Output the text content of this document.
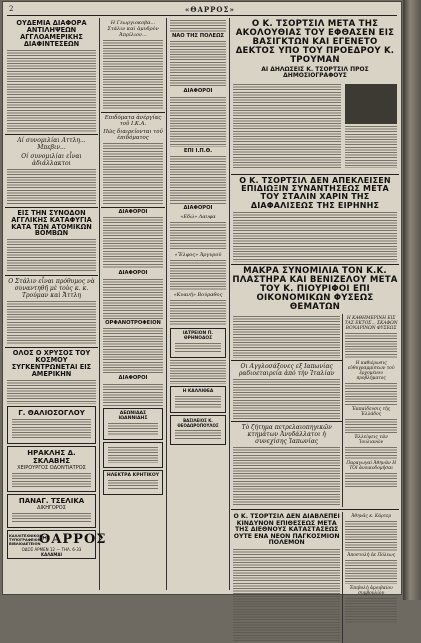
2	«ΘΑΡΡΟΣ»
ΟΥΔΕΜΙΑ ΔΙΑΦΟΡΑ ΑΝΤΙΛΗΨΕΩΝ ΑΓΓΛΟΑΜΕΡΙΚΗΣ ΔΙΑΦΙΝΤΕΣΕΩΝ
Αί συνομιλίαι Αττλη... Μπεβιν...
Οί συνομιλίαι εἶναι ἀδιάλλακτοι
ΕΙΣ ΤΗΝ ΣΥΝΟΔΟΝ ΑΓΓΛΙΚΗΣ ΚΑΤΑΦΥΓΙΑ ΚΑΤΑ ΤΩΝ ΑΤΟΜΙΚΩΝ ΒΟΜΒΩΝ
Ο Στάλιν εἶναι πρόθυμος νὰ συναντηθῆ μὲ τοὺς κ. κ. Τρούμαν καὶ Ἄττλη
ΟΛΟΣ Ο ΧΡΥΣΟΣ ΤΟΥ ΚΟΣΜΟΥ ΣΥΓΚΕΝΤΡΩΝΕΤΑΙ ΕΙΣ ΑΜΕΡΙΚΗΝ
Γ. ΘΑΛΙΟΣΟΓΛΟΥ
ΗΡΑΚΛΗΣ Δ. ΣΚΛΑΒΗΣ
ΧΕΙΡΟΥΡΓΟΣ ΟΔΟΝΤΙΑΤΡΟΣ
ΠΑΝΑΓ. ΤΣΕΛΙΚΑ
ΔΙΚΗΓΟΡΟΣ
ΚΑΛΛΙΤΕΧΝΙΚΟΝ ΤΥΠΟΓΡΑΦΕΙΟΝ ΒΙΒΛΙΟΔΕΤΕΙΟΝ
ΘΑΡΡΟΣ
ΟΔΟΣ ΑΡΜΕΝ 12 — ΤΗΛ. 6-33
ΚΑΛΑΜΑΙ
Η Γεωργιοκοβα... Στάλιν καὶ ἀμυδρὸν Ἀπρίλιον...
Επιδόματα ἀνέργίας τοῦ Ι.Κ.Α.
Πῶς διαιρείονται τοῦ ἐπιδόματος
ΔΙΑΦΟΡΟΙ
ΔΙΑΦΟΡΟΙ
ΟΡΦΑΝΟΤΡΟΦΕΙΟΝ
ΔΙΑΦΟΡΟΙ
ΑΕΩΝΙΔΑΣ ΙΩΑΝΝΙΔΗΣ
ΗΛΕΚΤΡΑ ΚΡΗΤΙΚΟΥ
ΝΑΟ ΤΗΣ ΠΟΛΕΩΣ
ΔΙΑΦΟΡΟΙ
ΕΠΙ Ι.Π.Θ.
ΔΙΑΦΟΡΟΙ
«Εδώ» Λαυφα
«Ἔλφος» Ἀργυροῦ
«Κυανῆ» Βούραθος
ΙΑΤΡΕΙΟΝ Π. ΘΡΗΝΟΔΟΣ
Η ΚΑΛΛΙΘΕΑ
ΒΑΣΙΛΕΙΟΣ Κ. ΘΕΟΔΩΡΟΠΟΥΛΟΣ
Ο Κ. ΤΣΟΡΤΣΙΛ ΜΕΤΑ ΤΗΣ ΑΚΟΛΟΥΘΙΑΣ ΤΟΥ ΕΦΘΑΣΕΝ ΕΙΣ ΒΑΣΙΓΚΤΩΝ ΚΑΙ ΕΓΕΝΕΤΟ ΔΕΚΤΟΣ ΥΠΟ ΤΟΥ ΠΡΟΕΔΡΟΥ Κ. ΤΡΟΥΜΑΝ
ΑΙ ΔΗΛΩΣΕΙΣ Κ. ΤΣΟΡΤΣΙΛ ΠΡΟΣ ΔΗΜΟΣΙΟΓΡΑΦΟΥΣ
Ο Κ. ΤΣΟΡΤΣΙΛ ΔΕΝ ΑΠΕΚΛΕΙΣΕΝ ΕΠΙΔΙΩΞΙΝ ΣΥΝΑΝΤΗΣΕΩΣ ΜΕΤΑ ΤΟΥ ΣΤΑΛΙΝ ΧΑΡΙΝ ΤΗΣ ΔΙΑΦΑΛΙΣΕΩΣ ΤΗΣ ΕΙΡΗΝΗΣ
ΜΑΚΡΑ ΣΥΝΟΜΙΛΙΑ ΤΟΝ Κ.Κ. ΠΛΑΣΤΗΡΑ ΚΑΙ ΒΕΝΙΖΕΛΟΥ ΜΕΤΑ ΤΟΥ Κ. ΠΙΟΥΡΙΦΟΙ ΕΠΙ ΟΙΚΟΝΟΜΙΚΩΝ ΦΥΣΕΩΣ ΘΕΜΑΤΩΝ
Οι Αγγλοσάξονες εξ Ιαπωνίας ραδιοεταιρεία ἀπό τὴν Ἰταλίαν
Τὸ ζήτημα πετρελαιοπηγικῶν κτημάτων Ἀνυδάλλατοι ἡ συνεχίσης Ἰαπωνίας
Η ΚΑΘΗΜΕΡΙΝΗ ΕΙΣ ΤΑΣ ΕΚΤΟΣ... ΣΚΑΦΩΝ ΒΟΝΔΡΙΝΩΝ ΦΥΣΕΩΣ
Η καθιέρωσις εὐθυγραμμίσεων τοῦ ἐρχομένου προβλήματος
Ἐκπαίδευσις τῆς Ἑλλάδος
Ἐλλείψεις τῶν Ἰουλιανῶν
Παραγωγαί Ἀθηνῶν Η ΤΟΙ ἀνοικοδομῆσαι
Ο Κ. ΤΣΟΡΤΣΙΛ ΔΕΝ ΔΙΑΒΛΕΠΕΙ ΚΙΝΔΥΝΟΝ ΕΠΙΘΕΣΕΩΣ ΜΕΤΑ ΤΗΣ ΔΙΕΘΝΟΥΣ ΚΑΤΑΣΤΑΣΕΩΣ ΟΥΤΕ ΕΝΑ ΝΕΟΝ ΠΑΓΚΟΣΜΙΟΝ ΠΟΛΕΜΟΝ
Ἀθηνᾶς κ. Κάρτερ
Ἀποστολὴ ἐκ Πόλεως
Ἐπιβολὴ ἀμοιβαίου συμβουλίου
